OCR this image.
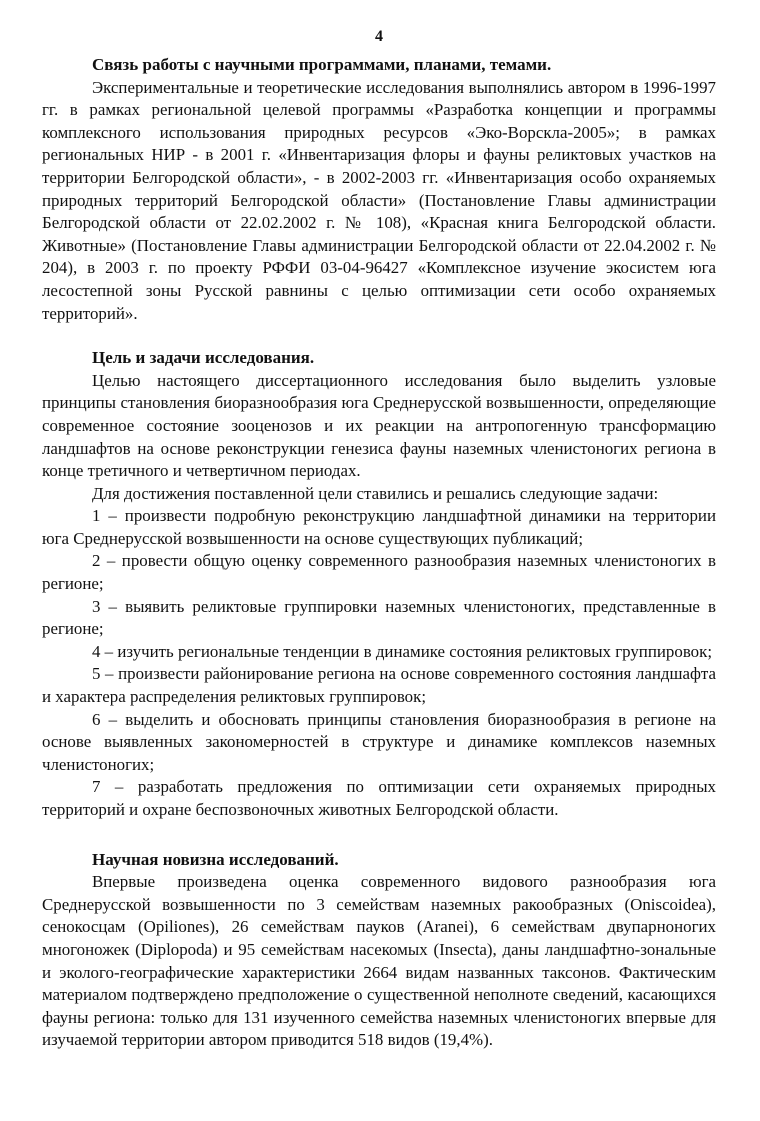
4
Связь работы с научными программами, планами, темами.

Экспериментальные и теоретические исследования выполнялись автором в 1996-1997 гг. в рамках региональной целевой программы «Разработка концепции и программы комплексного использования природных ресурсов «Эко-Ворскла-2005»; в рамках региональных НИР - в 2001 г. «Инвентаризация флоры и фауны реликтовых участков на территории Белгородской области», - в 2002-2003 гг. «Инвентаризация особо охраняемых природных территорий Белгородской области» (Постановление Главы администрации Белгородской области от 22.02.2002 г. № 108), «Красная книга Белгородской области. Животные» (Постановление Главы администрации Белгородской области от 22.04.2002 г. № 204), в 2003 г. по проекту РФФИ 03-04-96427 «Комплексное изучение экосистем юга лесостепной зоны Русской равнины с целью оптимизации сети особо охраняемых территорий».

Цель и задачи исследования.

Целью настоящего диссертационного исследования было выделить узловые принципы становления биоразнообразия юга Среднерусской возвышенности, определяющие современное состояние зооценозов и их реакции на антропогенную трансформацию ландшафтов на основе реконструкции генезиса фауны наземных членистоногих региона в конце третичного и четвертичном периодах.

Для достижения поставленной цели ставились и решались следующие задачи:

1 – произвести подробную реконструкцию ландшафтной динамики на территории юга Среднерусской возвышенности на основе существующих публикаций;

2 – провести общую оценку современного разнообразия наземных членистоногих в регионе;

3 – выявить реликтовые группировки наземных членистоногих, представленные в регионе;

4 – изучить региональные тенденции в динамике состояния реликтовых группировок;

5 – произвести районирование региона на основе современного состояния ландшафта и характера распределения реликтовых группировок;

6 – выделить и обосновать принципы становления биоразнообразия в регионе на основе выявленных закономерностей в структуре и динамике комплексов наземных членистоногих;

7 – разработать предложения по оптимизации сети охраняемых природных территорий и охране беспозвоночных животных Белгородской области.

Научная новизна исследований.

Впервые произведена оценка современного видового разнообразия юга Среднерусской возвышенности по 3 семействам наземных ракообразных (Oniscoidea), сенокосцам (Opiliones), 26 семействам пауков (Aranei), 6 семействам двупарноногих многоножек (Diplopoda) и 95 семействам насекомых (Insecta), даны ландшафтно-зональные и эколого-географические характеристики 2664 видам названных таксонов. Фактическим материалом подтверждено предположение о существенной неполноте сведений, касающихся фауны региона: только для 131 изученного семейства наземных членистоногих впервые для изучаемой территории автором приводится 518 видов (19,4%).
